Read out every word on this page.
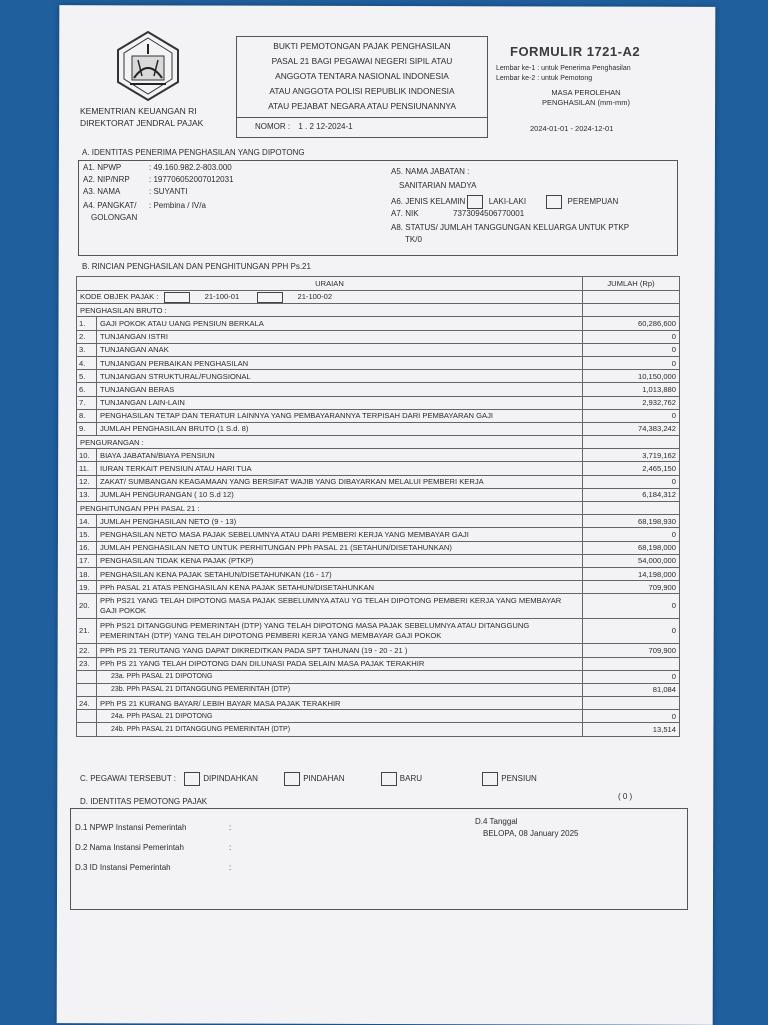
KEMENTRIAN KEUANGAN RI
DIREKTORAT JENDRAL PAJAK
BUKTI PEMOTONGAN PAJAK PENGHASILAN
PASAL 21 BAGI PEGAWAI NEGERI SIPIL ATAU
ANGGOTA TENTARA NASIONAL INDONESIA
ATAU ANGGOTA POLISI REPUBLIK INDONESIA
ATAU PEJABAT NEGARA ATAU PENSIUNANNYA
NOMOR : 1 . 2 12-2024-1
FORMULIR 1721-A2
Lembar ke-1 : untuk Penerima Penghasilan
Lembar ke-2 : untuk Pemotong
MASA PEROLEHAN
PENGHASILAN (mm-mm)
2024-01-01 - 2024-12-01
A. IDENTITAS PENERIMA PENGHASILAN YANG DIPOTONG
A1. NPWP	: 49.160.982.2-803.000
A2. NIP/NRP : 197706052007012031
A3. NAMA	: SUYANTI
A4. PANGKAT/ : Pembina / IV/a
GOLONGAN
A5. NAMA JABATAN :
SANITARIAN MADYA
A6. JENIS KELAMIN	LAKI-LAKI	PEREMPUAN
A7. NIK	7373094506770001
A8. STATUS/ JUMLAH TANGGUNGAN KELUARGA UNTUK PTKP
TK/0
B. RINCIAN PENGHASILAN DAN PENGHITUNGAN PPH Ps.21
URAIAN		JUMLAH (Rp)
KODE OBJEK PAJAK : 21-100-01 21-100-02		
PENGHASILAN BRUTO :		
1.	GAJI POKOK ATAU UANG PENSIUN BERKALA	60,286,600
2.	TUNJANGAN ISTRI	0
3.	TUNJANGAN ANAK	0
4.	TUNJANGAN PERBAIKAN PENGHASILAN	0
5.	TUNJANGAN STRUKTURAL/FUNGSIONAL	10,150,000
6.	TUNJANGAN BERAS	1,013,880
7.	TUNJANGAN LAIN-LAIN	2,932,762
8.	PENGHASILAN TETAP DAN TERATUR LAINNYA YANG PEMBAYARANNYA TERPISAH DARI PEMBAYARAN GAJI	0
9.	JUMLAH PENGHASILAN BRUTO (1 S.d. 8)	74,383,242
PENGURANGAN :		
10.	BIAYA JABATAN/BIAYA PENSIUN	3,719,162
11.	IURAN TERKAIT PENSIUN ATAU HARI TUA	2,465,150
12.	ZAKAT/ SUMBANGAN KEAGAMAAN YANG BERSIFAT WAJIB YANG DIBAYARKAN MELALUI PEMBERI KERJA	0
13.	JUMLAH PENGURANGAN ( 10 S.d 12)	6,184,312
PENGHITUNGAN PPH PASAL 21 :		
14.	JUMLAH PENGHASILAN NETO (9 - 13)	68,198,930
15.	PENGHASILAN NETO MASA PAJAK SEBELUMNYA ATAU DARI PEMBERI KERJA YANG MEMBAYAR GAJI	0
16.	JUMLAH PENGHASILAN NETO UNTUK PERHITUNGAN PPh PASAL 21 (SETAHUN/DISETAHUNKAN)	68,198,000
17.	PENGHASILAN TIDAK KENA PAJAK (PTKP)	54,000,000
18.	PENGHASILAN KENA PAJAK SETAHUN/DISETAHUNKAN (16 - 17)	14,198,000
19.	PPh PASAL 21 ATAS PENGHASILAN KENA PAJAK SETAHUN/DISETAHUNKAN	709,900
20.	PPh PS21 YANG TELAH DIPOTONG MASA PAJAK SEBELUMNYA ATAU YG TELAH DIPOTONG PEMBERI KERJA YANG MEMBAYAR GAJI POKOK	0
21.	PPh PS21 DITANGGUNG PEMERINTAH (DTP) YANG TELAH DIPOTONG MASA PAJAK SEBELUMNYA ATAU DITANGGUNG PEMERINTAH (DTP) YANG TELAH DIPOTONG PEMBERI KERJA YANG MEMBAYAR GAJI POKOK	0
22.	PPh PS 21 TERUTANG YANG DAPAT DIKREDITKAN PADA SPT TAHUNAN (19 - 20 - 21 )	709,900
23.	PPh PS 21 YANG TELAH DIPOTONG DAN DILUNASI PADA SELAIN MASA PAJAK TERAKHIR	
	23a. PPh PASAL 21 DIPOTONG	0
	23b. PPh PASAL 21 DITANGGUNG PEMERINTAH (DTP)	81,084
24.	PPh PS 21 KURANG BAYAR/ LEBIH BAYAR MASA PAJAK TERAKHIR	
	24a. PPh PASAL 21 DIPOTONG	0
	24b. PPh PASAL 21 DITANGGUNG PEMERINTAH (DTP)	13,514
C. PEGAWAI TERSEBUT :	DIPINDAHKAN	PINDAHAN	BARU	PENSIUN
( 0 )
D. IDENTITAS PEMOTONG PAJAK
D.1 NPWP Instansi Pemerintah	:
D.2 Nama Instansi Pemerintah	:
D.3 ID Instansi Pemerintah	:
D.4 Tanggal
BELOPA, 08 January 2025
